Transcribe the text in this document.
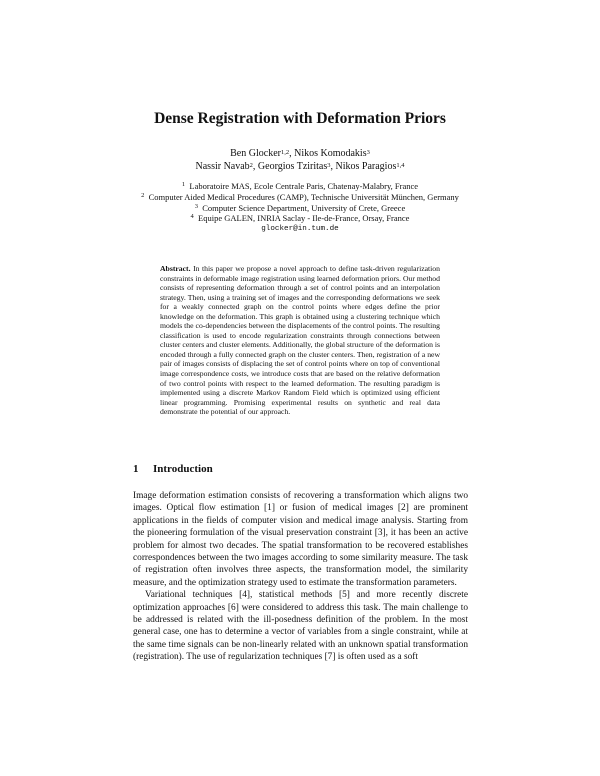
Dense Registration with Deformation Priors
Ben Glocker$^{1,2}$, Nikos Komodakis$^3$
Nassir Navab$^2$, Georgios Tziritas$^3$, Nikos Paragios$^{1,4}$
$^1$ Laboratoire MAS, Ecole Centrale Paris, Chatenay-Malabry, France
$^2$ Computer Aided Medical Procedures (CAMP), Technische Universität München, Germany
$^3$ Computer Science Department, University of Crete, Greece
$^4$ Equipe GALEN, INRIA Saclay - Ile-de-France, Orsay, France
glocker@in.tum.de
Abstract. In this paper we propose a novel approach to define task-driven regularization constraints in deformable image registration using learned deformation priors. Our method consists of representing deformation through a set of control points and an interpolation strategy. Then, using a training set of images and the corresponding deformations we seek for a weakly connected graph on the control points where edges define the prior knowledge on the deformation. This graph is obtained using a clustering technique which models the co-dependencies between the displacements of the control points. The resulting classification is used to encode regularization constraints through connections between cluster centers and cluster elements. Additionally, the global structure of the deformation is encoded through a fully connected graph on the cluster centers. Then, registration of a new pair of images consists of displacing the set of control points where on top of conventional image correspondence costs, we introduce costs that are based on the relative deformation of two control points with respect to the learned deformation. The resulting paradigm is implemented using a discrete Markov Random Field which is optimized using efficient linear programming. Promising experimental results on synthetic and real data demonstrate the potential of our approach.
1 Introduction

Image deformation estimation consists of recovering a transformation which aligns two images. Optical flow estimation [1] or fusion of medical images [2] are prominent applications in the fields of computer vision and medical image analysis. Starting from the pioneering formulation of the visual preservation constraint [3], it has been an active problem for almost two decades. The spatial transformation to be recovered establishes correspondences between the two images according to some similarity measure. The task of registration often involves three aspects, the transformation model, the similarity measure, and the optimization strategy used to estimate the transformation parameters.

Variational techniques [4], statistical methods [5] and more recently discrete optimization approaches [6] were considered to address this task. The main challenge to be addressed is related with the ill-posedness definition of the problem. In the most general case, one has to determine a vector of variables from a single constraint, while at the same time signals can be non-linearly related with an unknown spatial transformation (registration). The use of regularization techniques [7] is often used as a soft
